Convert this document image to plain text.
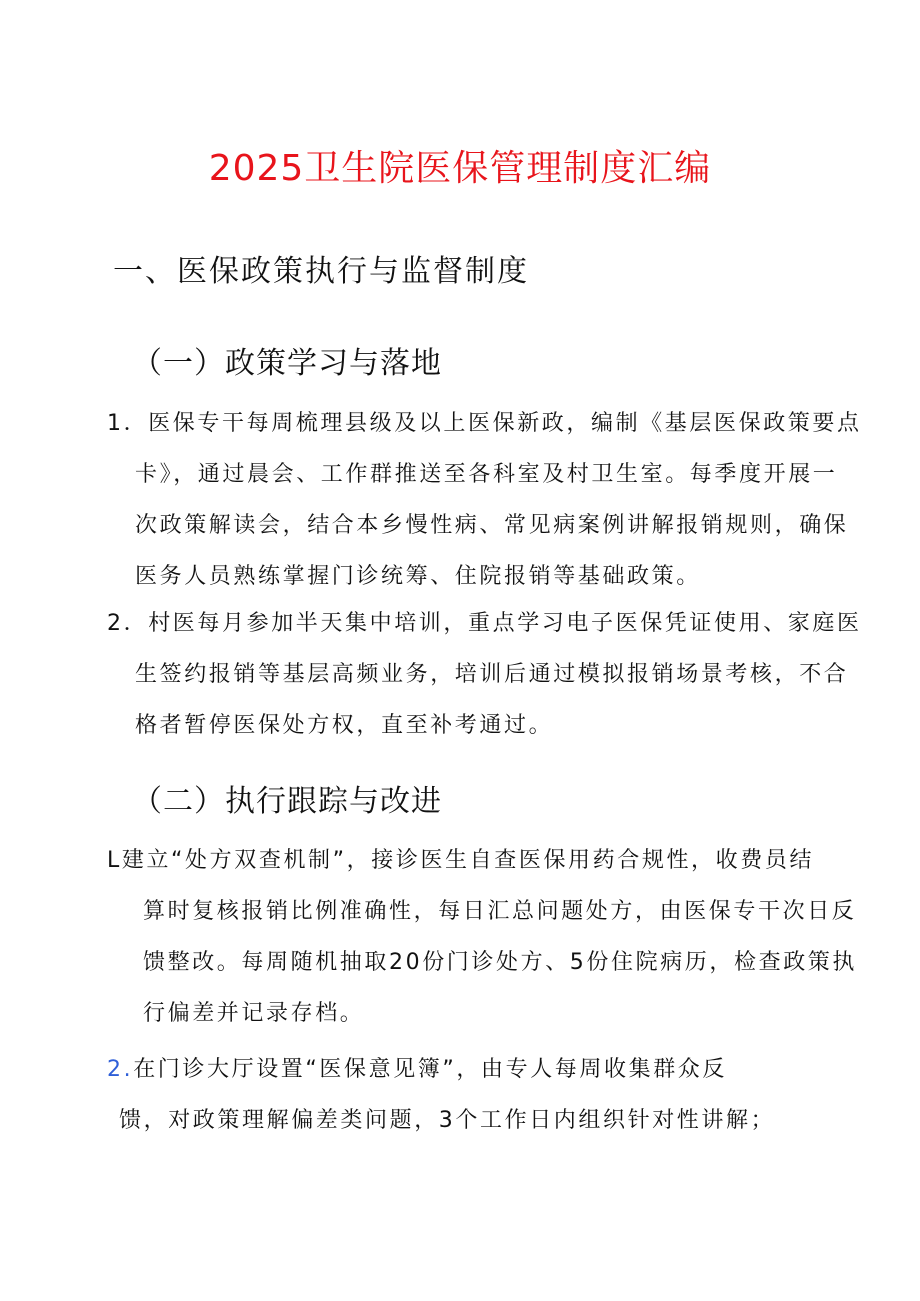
2025卫生院医保管理制度汇编
一、医保政策执行与监督制度
（一）政策学习与落地
1．医保专干每周梳理县级及以上医保新政，编制《基层医保政策要点
卡》，通过晨会、工作群推送至各科室及村卫生室。每季度开展一
次政策解读会，结合本乡慢性病、常见病案例讲解报销规则，确保
医务人员熟练掌握门诊统筹、住院报销等基础政策。
2．村医每月参加半天集中培训，重点学习电子医保凭证使用、家庭医
生签约报销等基层高频业务，培训后通过模拟报销场景考核，不合
格者暂停医保处方权，直至补考通过。
（二）执行跟踪与改进
L建立“处方双查机制”，接诊医生自查医保用药合规性，收费员结
算时复核报销比例准确性，每日汇总问题处方，由医保专干次日反
馈整改。每周随机抽取20份门诊处方、5份住院病历，检查政策执
行偏差并记录存档。
2.在门诊大厅设置“医保意见簿”，由专人每周收集群众反
馈，对政策理解偏差类问题，3个工作日内组织针对性讲解；
